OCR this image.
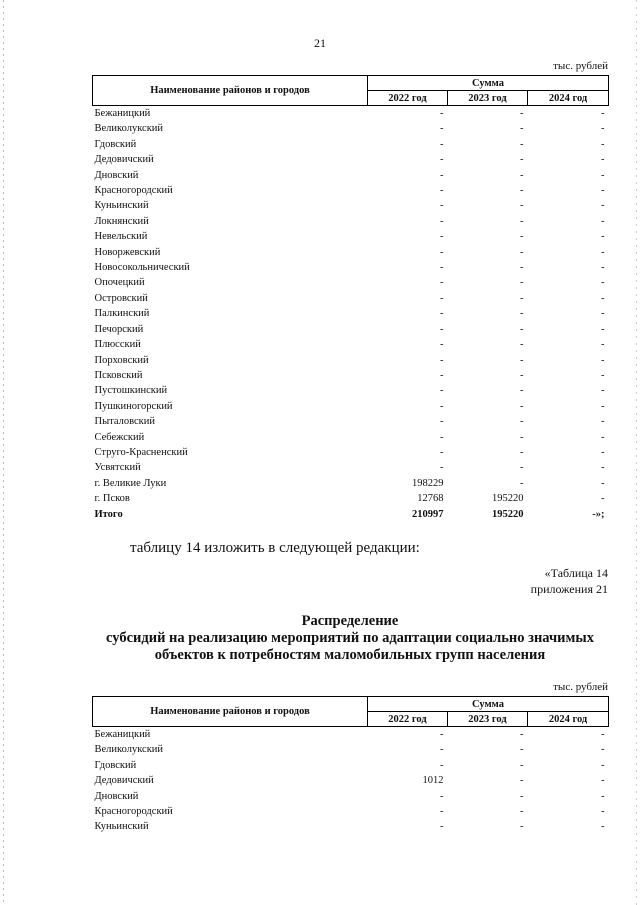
21
тыс. рублей
Наименование районов и городов	Сумма		
	2022 год	2023 год	2024 год
Бежаницкий	-	-	-
Великолукский	-	-	-
Гдовский	-	-	-
Дедовичский	-	-	-
Дновский	-	-	-
Красногородский	-	-	-
Куньинский	-	-	-
Локнянский	-	-	-
Невельский	-	-	-
Новоржевский	-	-	-
Новосокольнический	-	-	-
Опочецкий	-	-	-
Островский	-	-	-
Палкинский	-	-	-
Печорский	-	-	-
Плюсский	-	-	-
Порховский	-	-	-
Псковский	-	-	-
Пустошкинский	-	-	-
Пушкиногорский	-	-	-
Пыталовский	-	-	-
Себежский	-	-	-
Струго-Красненский	-	-	-
Усвятский	-	-	-
г. Великие Луки	198229	-	-
г. Псков	12768	195220	-
Итого	210997	195220	-»;
таблицу 14 изложить в следующей редакции:
«Таблица 14
приложения 21
Распределение
субсидий на реализацию мероприятий по адаптации социально значимых
объектов к потребностям маломобильных групп населения
тыс. рублей
Наименование районов и городов	Сумма		
	2022 год	2023 год	2024 год
Бежаницкий	-	-	-
Великолукский	-	-	-
Гдовский	-	-	-
Дедовичский	1012	-	-
Дновский	-	-	-
Красногородский	-	-	-
Куньинский	-	-	-
